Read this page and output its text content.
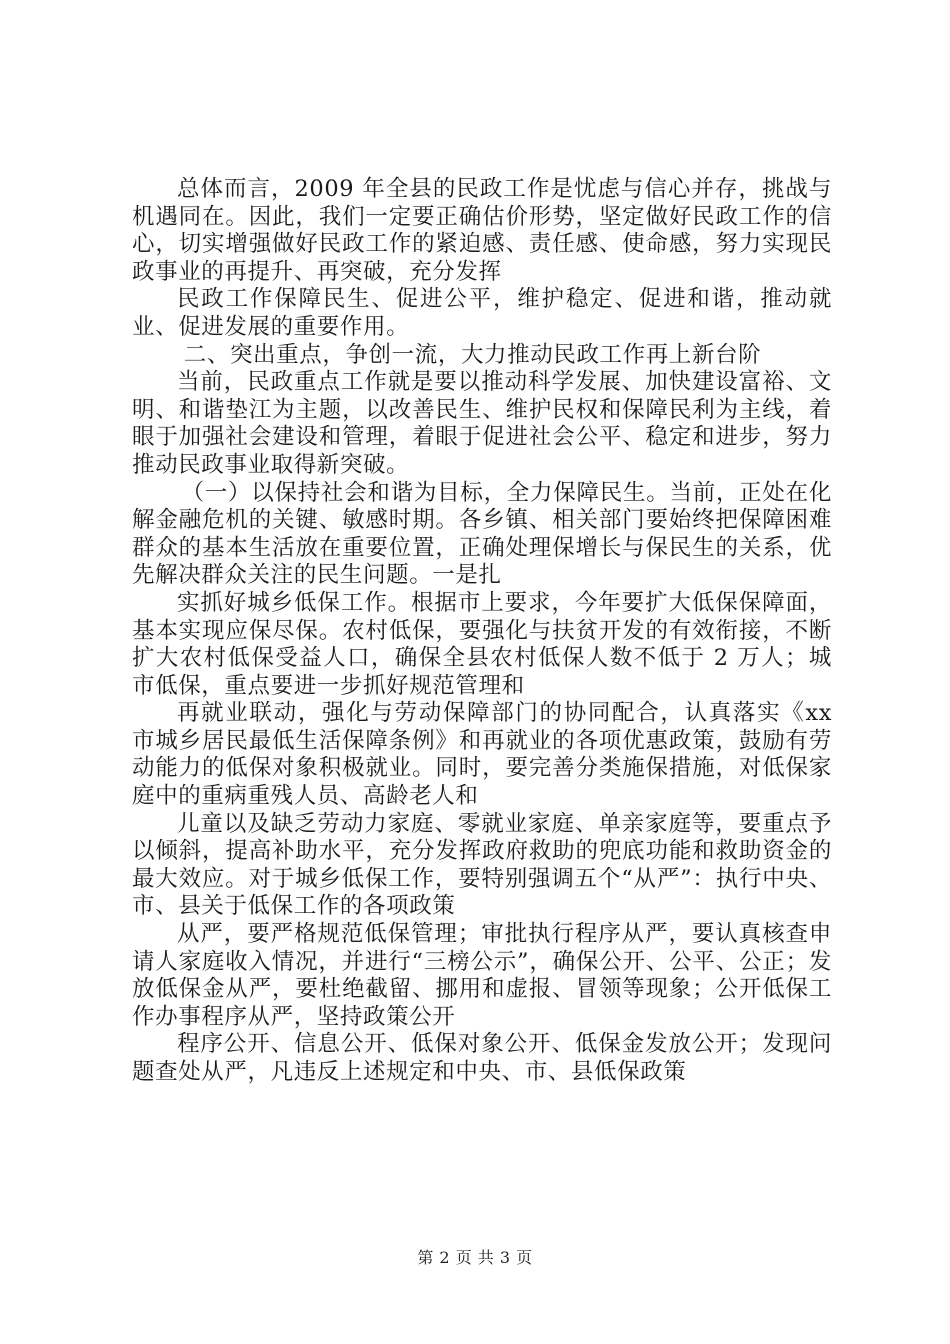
总体而言，2009 年全县的民政工作是忧虑与信心并存，挑战与机遇同在。因此，我们一定要正确估价形势，坚定做好民政工作的信心，切实增强做好民政工作的紧迫感、责任感、使命感，努力实现民政事业的再提升、再突破，充分发挥

民政工作保障民生、促进公平，维护稳定、促进和谐，推动就业、促进发展的重要作用。

二、突出重点，争创一流，大力推动民政工作再上新台阶

当前，民政重点工作就是要以推动科学发展、加快建设富裕、文明、和谐垫江为主题，以改善民生、维护民权和保障民利为主线，着眼于加强社会建设和管理，着眼于促进社会公平、稳定和进步，努力推动民政事业取得新突破。

（一）以保持社会和谐为目标，全力保障民生。当前，正处在化解金融危机的关键、敏感时期。各乡镇、相关部门要始终把保障困难群众的基本生活放在重要位置，正确处理保增长与保民生的关系，优先解决群众关注的民生问题。一是扎

实抓好城乡低保工作。根据市上要求，今年要扩大低保保障面，基本实现应保尽保。农村低保，要强化与扶贫开发的有效衔接，不断扩大农村低保受益人口，确保全县农村低保人数不低于 2 万人；城市低保，重点要进一步抓好规范管理和

再就业联动，强化与劳动保障部门的协同配合，认真落实《xx 市城乡居民最低生活保障条例》和再就业的各项优惠政策，鼓励有劳动能力的低保对象积极就业。同时，要完善分类施保措施，对低保家庭中的重病重残人员、高龄老人和

儿童以及缺乏劳动力家庭、零就业家庭、单亲家庭等，要重点予以倾斜，提高补助水平，充分发挥政府救助的兜底功能和救助资金的最大效应。对于城乡低保工作，要特别强调五个“从严”：执行中央、市、县关于低保工作的各项政策

从严，要严格规范低保管理；审批执行程序从严，要认真核查申请人家庭收入情况，并进行“三榜公示”，确保公开、公平、公正；发放低保金从严，要杜绝截留、挪用和虚报、冒领等现象；公开低保工作办事程序从严，坚持政策公开

程序公开、信息公开、低保对象公开、低保金发放公开；发现问题查处从严，凡违反上述规定和中央、市、县低保政策

第 2 页 共 3 页
